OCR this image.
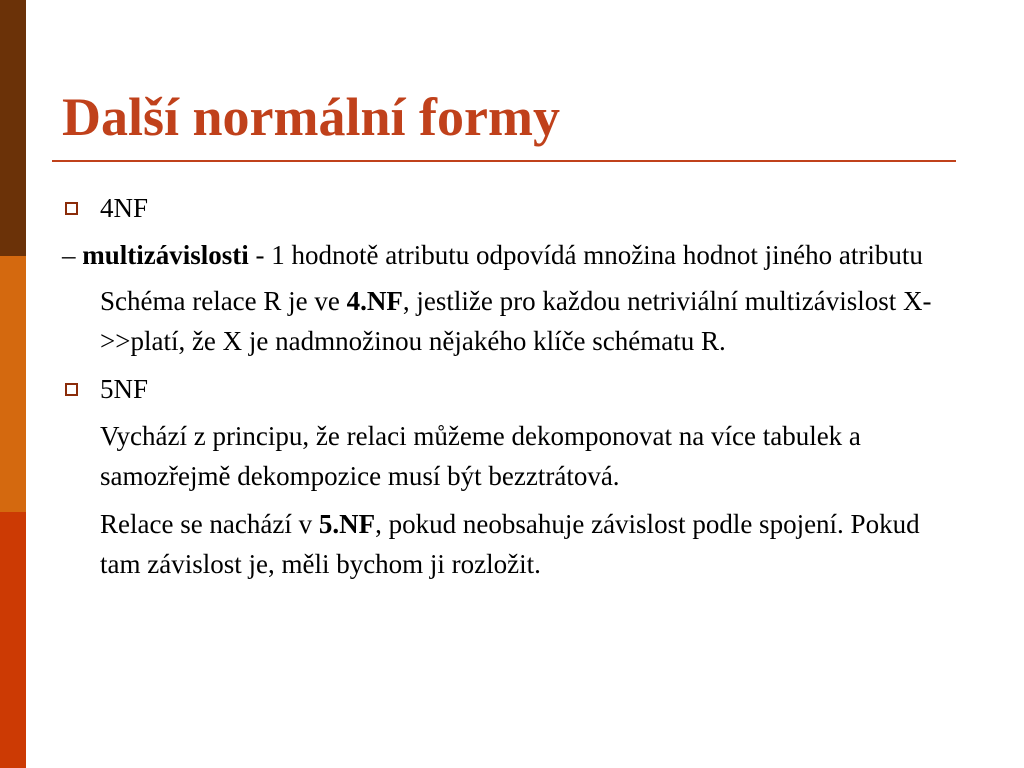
Další normální formy
4NF
– multizávislosti - 1 hodnotě atributu odpovídá množina hodnot jiného atributu
Schéma relace R je ve 4.NF, jestliže pro každou netriviální multizávislost X->>platí, že X je nadmnožinou nějakého klíče schématu R.
5NF
Vychází z principu, že relaci můžeme dekomponovat na více tabulek a samozřejmě dekompozice musí být bezztrátová.
Relace se nachází v 5.NF, pokud neobsahuje závislost podle spojení. Pokud tam závislost je, měli bychom ji rozložit.
